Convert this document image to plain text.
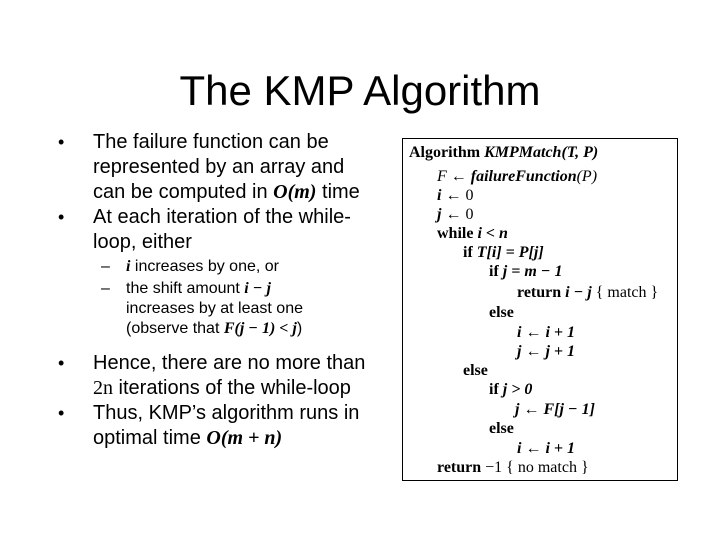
The KMP Algorithm
• The failure function can be
represented by an array and
can be computed in O(m) time
• At each iteration of the while-
loop, either
– i increases by one, or
– the shift amount i − j
increases by at least one
(observe that F(j − 1) < j)
• Hence, there are no more than
2n iterations of the while-loop
• Thus, KMP’s algorithm runs in
optimal time O(m + n)
Algorithm KMPMatch(T, P)
F ← failureFunction(P)
i ← 0
j ← 0
while i < n
if T[i] = P[j]
if j = m − 1
return i − j { match }
else
i ← i + 1
j ← j + 1
else
if j > 0
j ← F[j − 1]
else
i ← i + 1
return −1 { no match }
